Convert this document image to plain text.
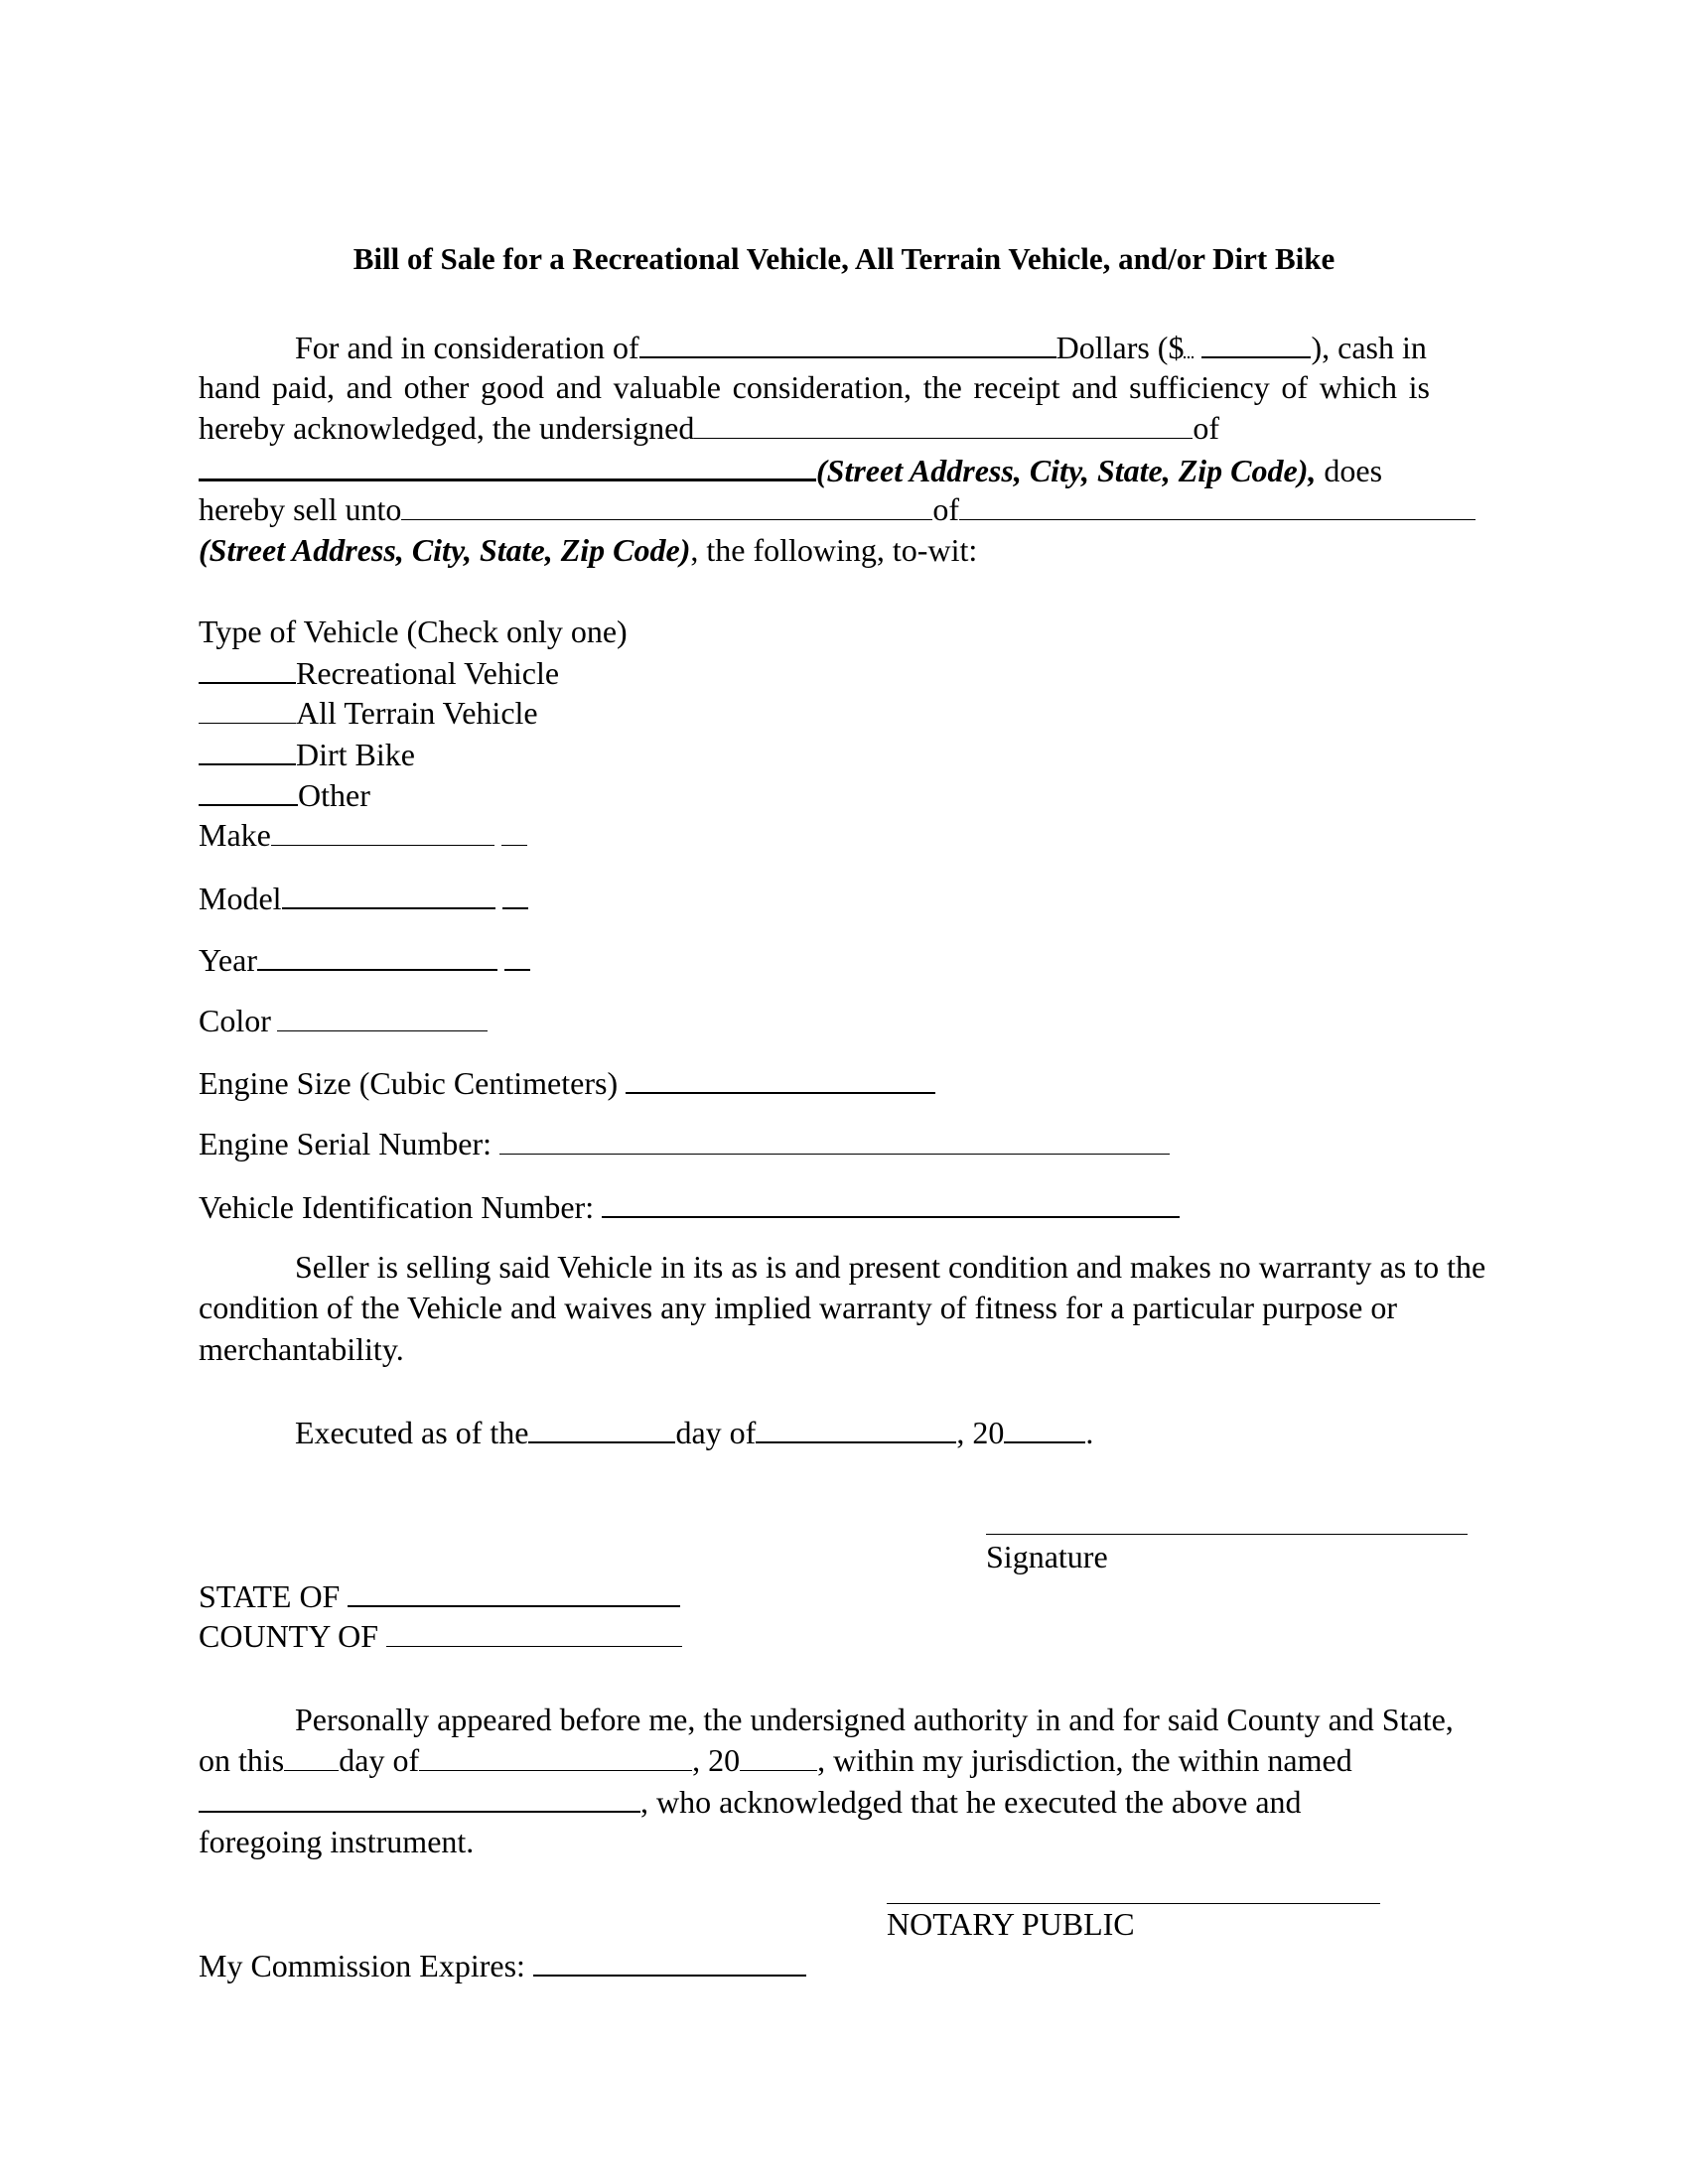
Bill of Sale for a Recreational Vehicle, All Terrain Vehicle, and/or Dirt Bike
For and in consideration of	Dollars ($	), cash in
hand paid, and other good and valuable consideration, the receipt and sufficiency of which is
hereby acknowledged, the undersigned	of
(Street Address, City, State, Zip Code), does
hereby sell unto	of
(Street Address, City, State, Zip Code), the following, to-wit:
Type of Vehicle (Check only one)
Recreational Vehicle
All Terrain Vehicle
Dirt Bike
Other
Make
Model
Year
Color
Engine Size (Cubic Centimeters)
Engine Serial Number:
Vehicle Identification Number:
Seller is selling said Vehicle in its as is and present condition and makes no warranty as to the
condition of the Vehicle and waives any implied warranty of fitness for a particular purpose or
merchantability.
Executed as of the	day of	, 20	.
Signature
STATE OF
COUNTY OF
Personally appeared before me, the undersigned authority in and for said County and State,
on this day of	, 20 , within my jurisdiction, the within named
, who acknowledged that he executed the above and
foregoing instrument.
NOTARY PUBLIC
My Commission Expires:
